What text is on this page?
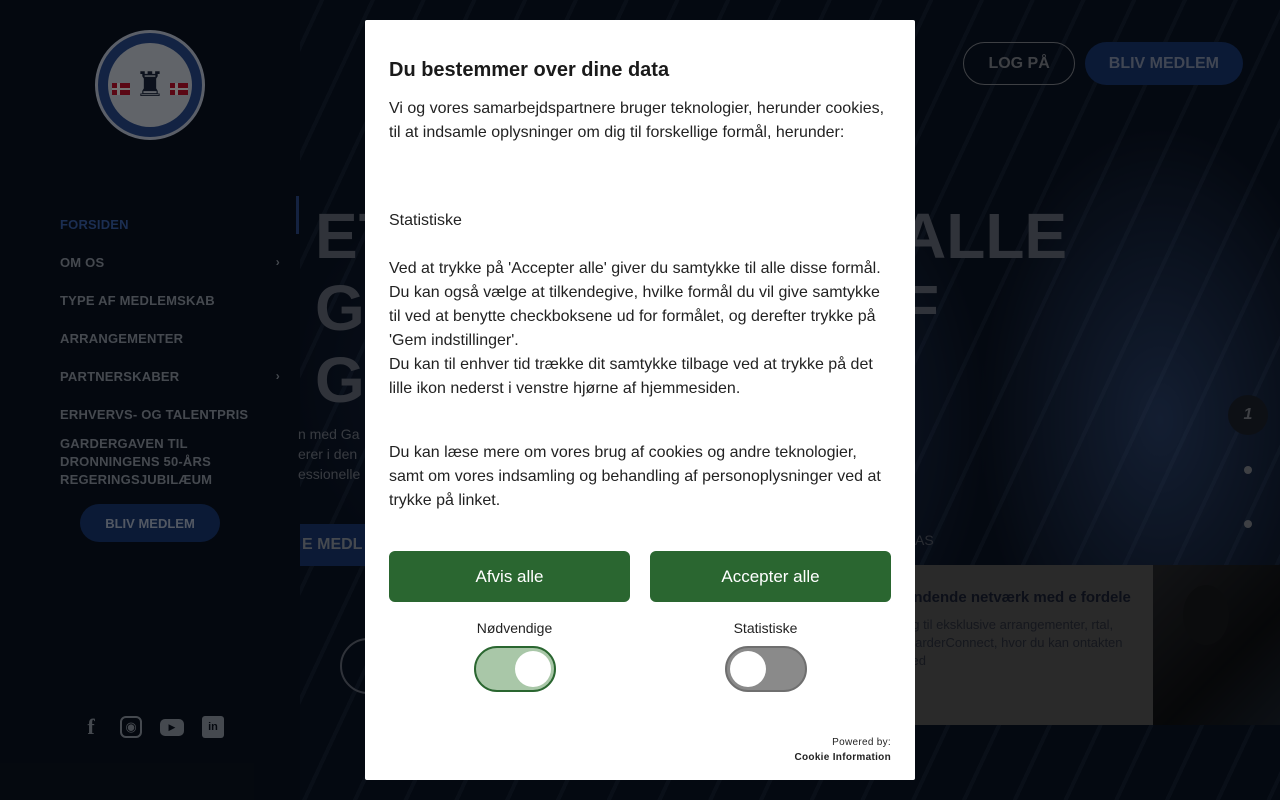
Du bestemmer over dine data

Vi og vores samarbejdspartnere bruger teknologier, herunder cookies, til at indsamle oplysninger om dig til forskellige formål, herunder:

Statistiske

Ved at trykke på 'Accepter alle' giver du samtykke til alle disse formål. Du kan også vælge at tilkendegive, hvilke formål du vil give samtykke til ved at benytte checkboksene ud for formålet, og derefter trykke på 'Gem indstillinger'.

Du kan til enhver tid trække dit samtykke tilbage ved at trykke på det lille ikon nederst i venstre hjørne af hjemmesiden.

Du kan læse mere om vores brug af cookies og andre teknologier, samt om vores indsamling og behandling af personoplysninger ved at trykke på linket.

Afvis alle	Accepter alle
Nødvendige	Statistiske
Powered by:
Cookie Information
